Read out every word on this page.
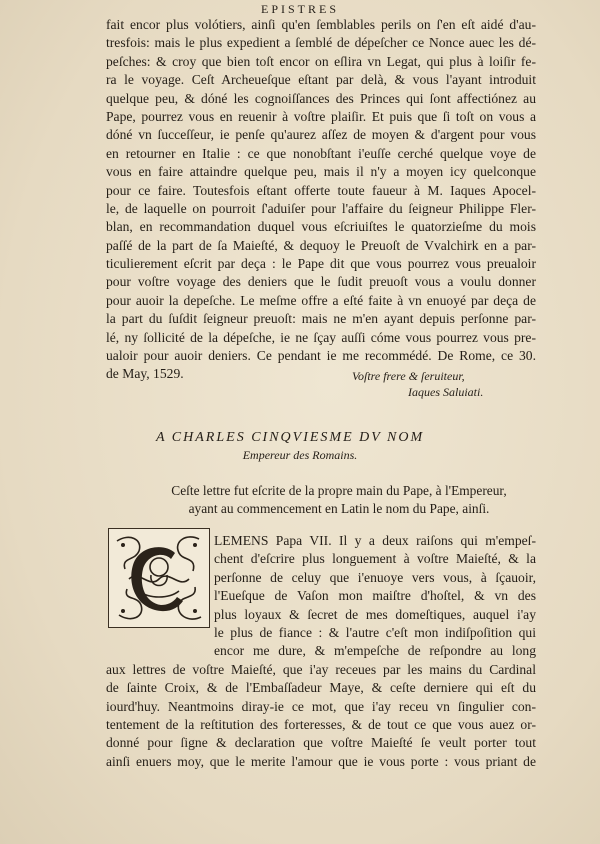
EPISTRES
fait encor plus volótiers, ainſi qu'en ſemblables perils on ſ'en eſt aidé d'au-
tresfois: mais le plus expedient a ſemblé de dépeſcher ce Nonce auec les dé-
peſches: & croy que bien toſt encor on eſlira vn Legat, qui plus à loiſir fe-
ra le voyage. Ceſt Archeueſque eſtant par delà, & vous l'ayant introduit
quelque peu, & dóné les cognoiſſances des Princes qui ſont affectiónez au
Pape, pourrez vous en reuenir à voſtre plaiſir. Et puis que ſi toſt on vous a
dóné vn ſucceſſeur, ie penſe qu'aurez aſſez de moyen & d'argent pour vous
en retourner en Italie : ce que nonobſtant i'euſſe cerché quelque voye de
vous en faire attaindre quelque peu, mais il n'y a moyen icy quelconque
pour ce faire. Toutesfois eſtant offerte toute faueur à M. Iaques Apocel-
le, de laquelle on pourroit ſ'aduiſer pour l'affaire du ſeigneur Philippe Fler-
blan, en recommandation duquel vous eſcriuiſtes le quatorzieſme du mois
paſſé de la part de ſa Maieſté, & dequoy le Preuoſt de Vvalchirk en a par-
ticulierement eſcrit par deça : le Pape dit que vous pourrez vous preualoir
pour voſtre voyage des deniers que le ſudit preuoſt vous a voulu donner
pour auoir la depeſche. Le meſme offre a eſté faite à vn enuoyé par deça de
la part du ſuſdit ſeigneur preuoſt: mais ne m'en ayant depuis perſonne par-
lé, ny ſollicité de la dépeſche, ie ne ſçay auſſi cóme vous pourrez vous pre-
ualoir pour auoir deniers. Ce pendant ie me recommédé. De Rome, ce 30.
de May, 1529.	Voſtre frere & ſeruiteur,
Iaques Saluiati.
A CHARLES CINQVIESME DV NOM
Empereur des Romains.
Ceſte lettre fut eſcrite de la propre main du Pape, à l'Empereur, ayant au commencement en Latin le nom du Pape, ainſi.
LEMENS Papa VII. Il y a deux raiſons qui m'empeſ-
chent d'eſcrire plus longuement à voſtre Maieſté, & la
perſonne de celuy que i'enuoye vers vous, à ſçauoir,
l'Eueſque de Vaſon mon maiſtre d'hoſtel, & vn des
plus loyaux & ſecret de mes domeſtiques, auquel i'ay
le plus de fiance : & l'autre c'eſt mon indiſpoſition qui
encor me dure, & m'empeſche de reſpondre au long
aux lettres de voſtre Maieſté, que i'ay receues par les mains du Cardinal
de ſainte Croix, & de l'Embaſſadeur Maye, & ceſte derniere qui eſt du
iourd'huy. Neantmoins diray-ie ce mot, que i'ay receu vn ſingulier con-
tentement de la reſtitution des forteresses, & de tout ce que vous auez or-
donné pour ſigne & declaration que voſtre Maieſté ſe veult porter tout
ainſi enuers moy, que le merite l'amour que ie vous porte : vous priant de
